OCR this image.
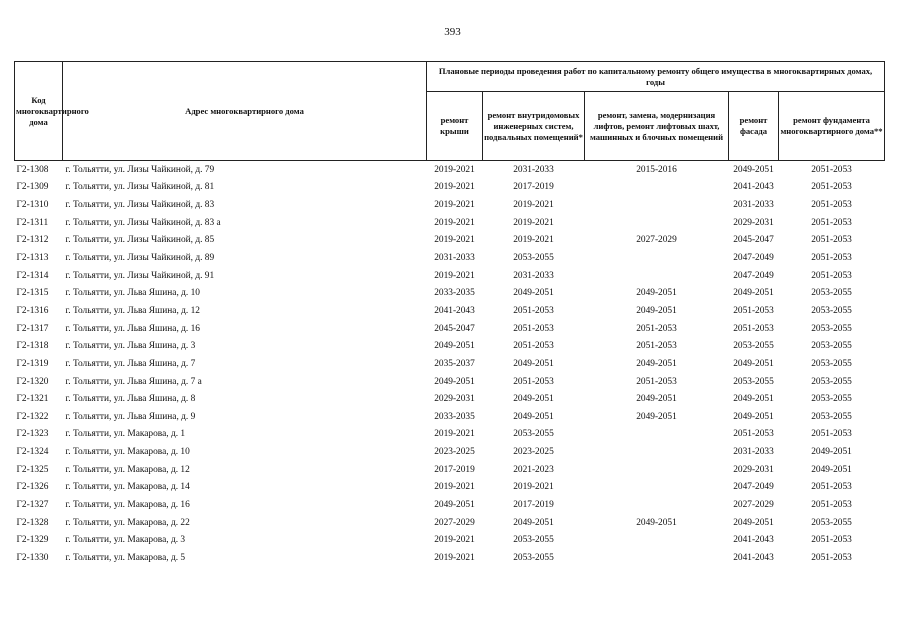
393
Код многоквартирного дома	Адрес многоквартирного дома	Плановые периоды проведения работ по капитальному ремонту общего имущества в многоквартирных домах, годы				
		ремонт крыши	ремонт внутридомовых инженерных систем, подвальных помещений*	ремонт, замена, модернизация лифтов, ремонт лифтовых шахт, машинных и блочных помещений	ремонт фасада	ремонт фундамента многоквартирного дома**
Г2-1308	г. Тольятти, ул. Лизы Чайкиной, д. 79	2019-2021	2031-2033	2015-2016	2049-2051	2051-2053
Г2-1309	г. Тольятти, ул. Лизы Чайкиной, д. 81	2019-2021	2017-2019		2041-2043	2051-2053
Г2-1310	г. Тольятти, ул. Лизы Чайкиной, д. 83	2019-2021	2019-2021		2031-2033	2051-2053
Г2-1311	г. Тольятти, ул. Лизы Чайкиной, д. 83 а	2019-2021	2019-2021		2029-2031	2051-2053
Г2-1312	г. Тольятти, ул. Лизы Чайкиной, д. 85	2019-2021	2019-2021	2027-2029	2045-2047	2051-2053
Г2-1313	г. Тольятти, ул. Лизы Чайкиной, д. 89	2031-2033	2053-2055		2047-2049	2051-2053
Г2-1314	г. Тольятти, ул. Лизы Чайкиной, д. 91	2019-2021	2031-2033		2047-2049	2051-2053
Г2-1315	г. Тольятти, ул. Льва Яшина, д. 10	2033-2035	2049-2051	2049-2051	2049-2051	2053-2055
Г2-1316	г. Тольятти, ул. Льва Яшина, д. 12	2041-2043	2051-2053	2049-2051	2051-2053	2053-2055
Г2-1317	г. Тольятти, ул. Льва Яшина, д. 16	2045-2047	2051-2053	2051-2053	2051-2053	2053-2055
Г2-1318	г. Тольятти, ул. Льва Яшина, д. 3	2049-2051	2051-2053	2051-2053	2053-2055	2053-2055
Г2-1319	г. Тольятти, ул. Льва Яшина, д. 7	2035-2037	2049-2051	2049-2051	2049-2051	2053-2055
Г2-1320	г. Тольятти, ул. Льва Яшина, д. 7 а	2049-2051	2051-2053	2051-2053	2053-2055	2053-2055
Г2-1321	г. Тольятти, ул. Льва Яшина, д. 8	2029-2031	2049-2051	2049-2051	2049-2051	2053-2055
Г2-1322	г. Тольятти, ул. Льва Яшина, д. 9	2033-2035	2049-2051	2049-2051	2049-2051	2053-2055
Г2-1323	г. Тольятти, ул. Макарова, д. 1	2019-2021	2053-2055		2051-2053	2051-2053
Г2-1324	г. Тольятти, ул. Макарова, д. 10	2023-2025	2023-2025		2031-2033	2049-2051
Г2-1325	г. Тольятти, ул. Макарова, д. 12	2017-2019	2021-2023		2029-2031	2049-2051
Г2-1326	г. Тольятти, ул. Макарова, д. 14	2019-2021	2019-2021		2047-2049	2051-2053
Г2-1327	г. Тольятти, ул. Макарова, д. 16	2049-2051	2017-2019		2027-2029	2051-2053
Г2-1328	г. Тольятти, ул. Макарова, д. 22	2027-2029	2049-2051	2049-2051	2049-2051	2053-2055
Г2-1329	г. Тольятти, ул. Макарова, д. 3	2019-2021	2053-2055		2041-2043	2051-2053
Г2-1330	г. Тольятти, ул. Макарова, д. 5	2019-2021	2053-2055		2041-2043	2051-2053
